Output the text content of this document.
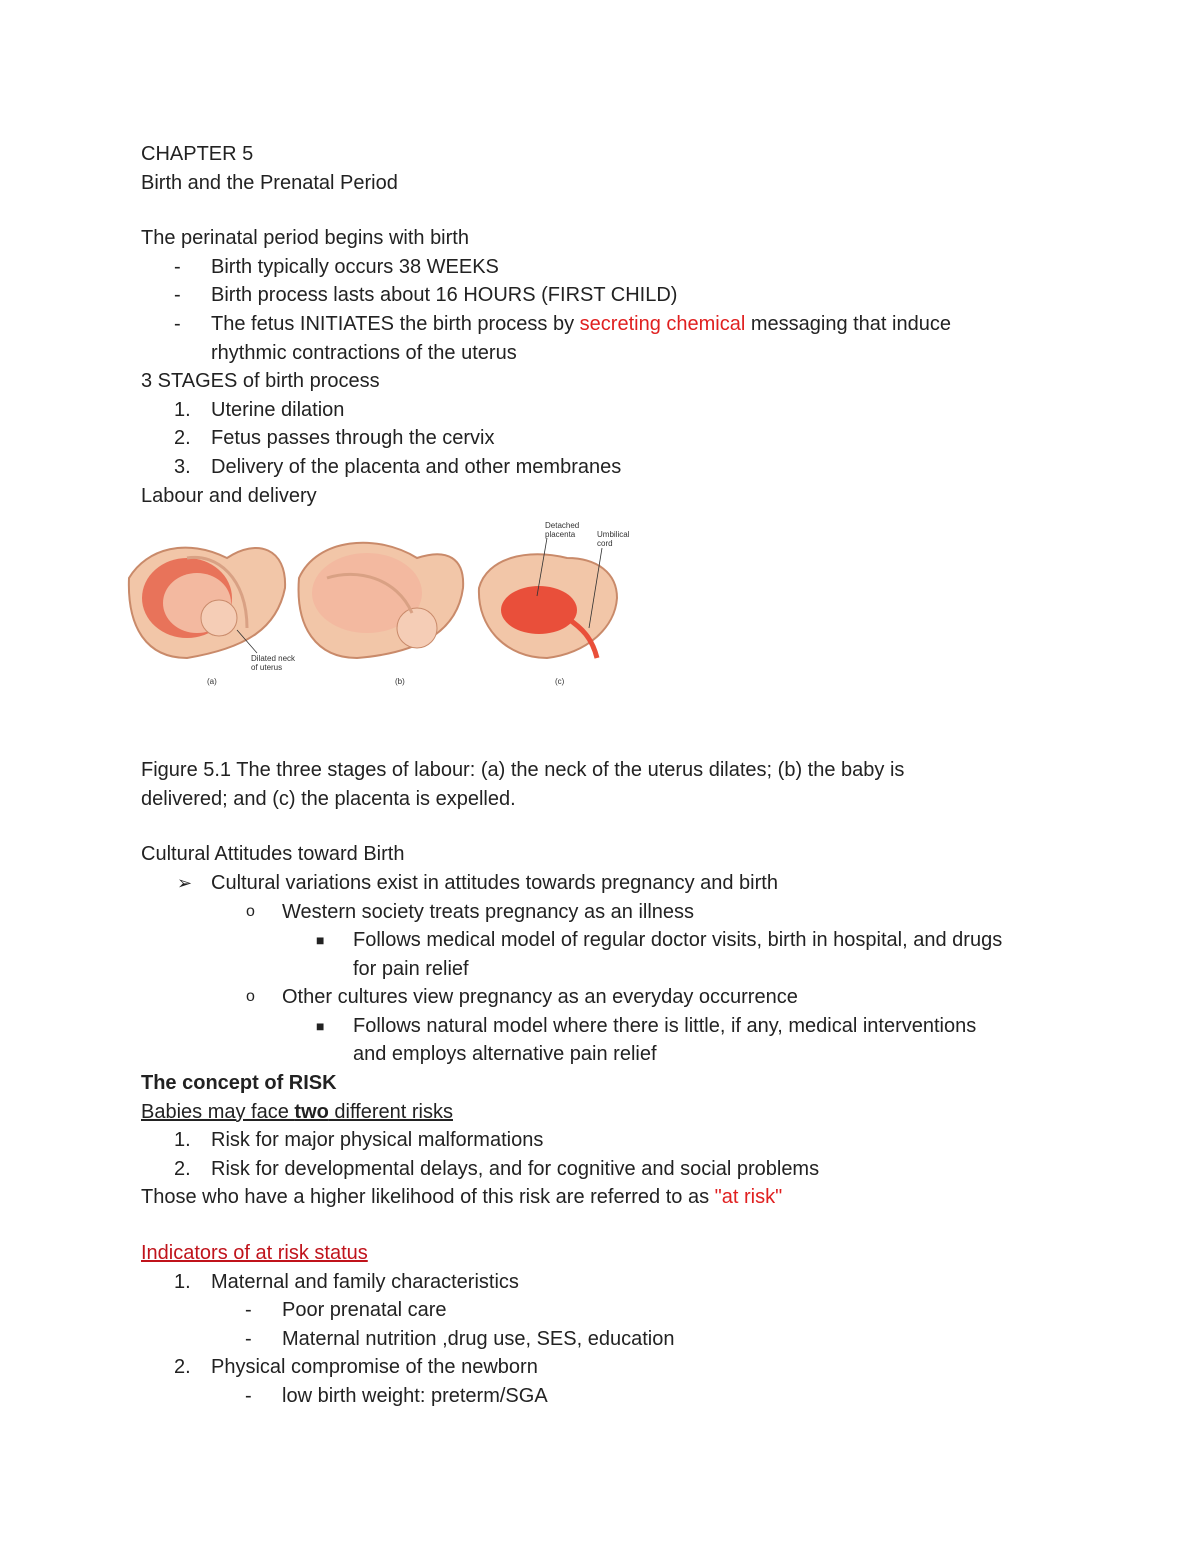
CHAPTER 5
Birth and the Prenatal Period
The perinatal period begins with birth
- Birth typically occurs 38 WEEKS
- Birth process lasts about 16 HOURS (FIRST CHILD)
- The fetus INITIATES the birth process by secreting chemical messaging that induce
rhythmic contractions of the uterus
3 STAGES of birth process
1. Uterine dilation
2. Fetus passes through the cervix
3. Delivery of the placenta and other membranes
Labour and delivery
Dilated neck
of uterus
(a)	(b)
Detached
placenta	Umbilical
cord
(c)
Figure 5.1 The three stages of labour: (a) the neck of the uterus dilates; (b) the baby is
delivered; and (c) the placenta is expelled.
Cultural Attitudes toward Birth
➢ Cultural variations exist in attitudes towards pregnancy and birth
o Western society treats pregnancy as an illness
■ Follows medical model of regular doctor visits, birth in hospital, and drugs
for pain relief
o Other cultures view pregnancy as an everyday occurrence
■ Follows natural model where there is little, if any, medical interventions
and employs alternative pain relief
The concept of RISK
Babies may face two different risks
1. Risk for major physical malformations
2. Risk for developmental delays, and for cognitive and social problems
Those who have a higher likelihood of this risk are referred to as "at risk"
Indicators of at risk status
1. Maternal and family characteristics
- Poor prenatal care
- Maternal nutrition ,drug use, SES, education
2. Physical compromise of the newborn
- low birth weight: preterm/SGA
